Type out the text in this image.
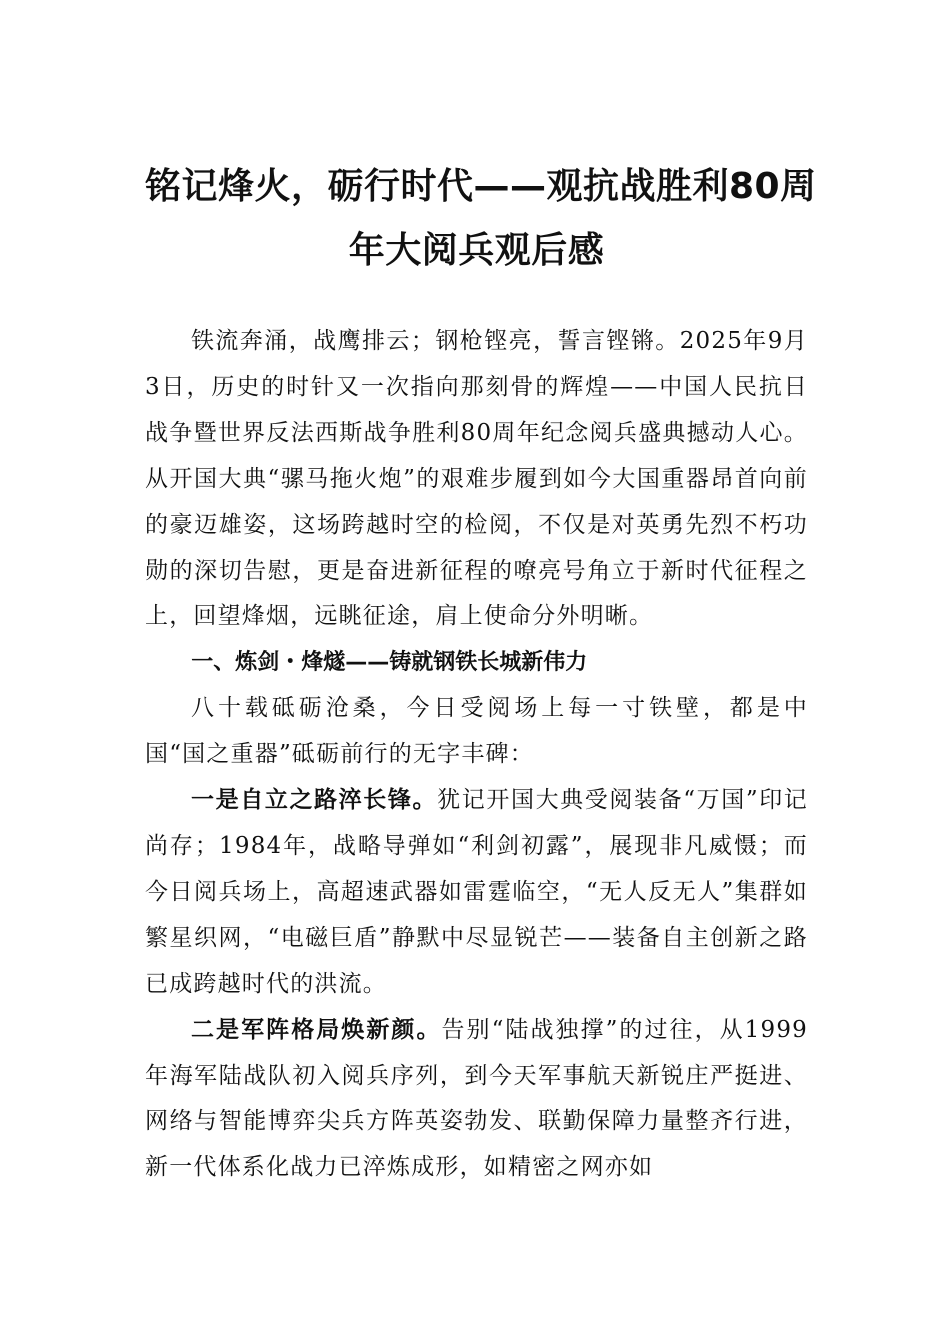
铭记烽火，砺行时代——观抗战胜利80周
年大阅兵观后感

铁流奔涌，战鹰排云；钢枪铿亮，誓言铿锵。2025年9月3日，历史的时针又一次指向那刻骨的辉煌——中国人民抗日战争暨世界反法西斯战争胜利80周年纪念阅兵盛典撼动人心。从开国大典“骡马拖火炮”的艰难步履到如今大国重器昂首向前的豪迈雄姿，这场跨越时空的检阅，不仅是对英勇先烈不朽功勋的深切告慰，更是奋进新征程的嘹亮号角立于新时代征程之上，回望烽烟，远眺征途，肩上使命分外明晰。

一、炼剑・烽燧——铸就钢铁长城新伟力

八十载砥砺沧桑，今日受阅场上每一寸铁壁，都是中国“国之重器”砥砺前行的无字丰碑：

一是自立之路淬长锋。犹记开国大典受阅装备“万国”印记尚存；1984年，战略导弹如“利剑初露”，展现非凡威慑；而今日阅兵场上，高超速武器如雷霆临空，“无人反无人”集群如繁星织网，“电磁巨盾”静默中尽显锐芒——装备自主创新之路已成跨越时代的洪流。

二是军阵格局焕新颜。告别“陆战独撑”的过往，从1999年海军陆战队初入阅兵序列，到今天军事航天新锐庄严挺进、网络与智能博弈尖兵方阵英姿勃发、联勤保障力量整齐行进，新一代体系化战力已淬炼成形，如精密之网亦如
